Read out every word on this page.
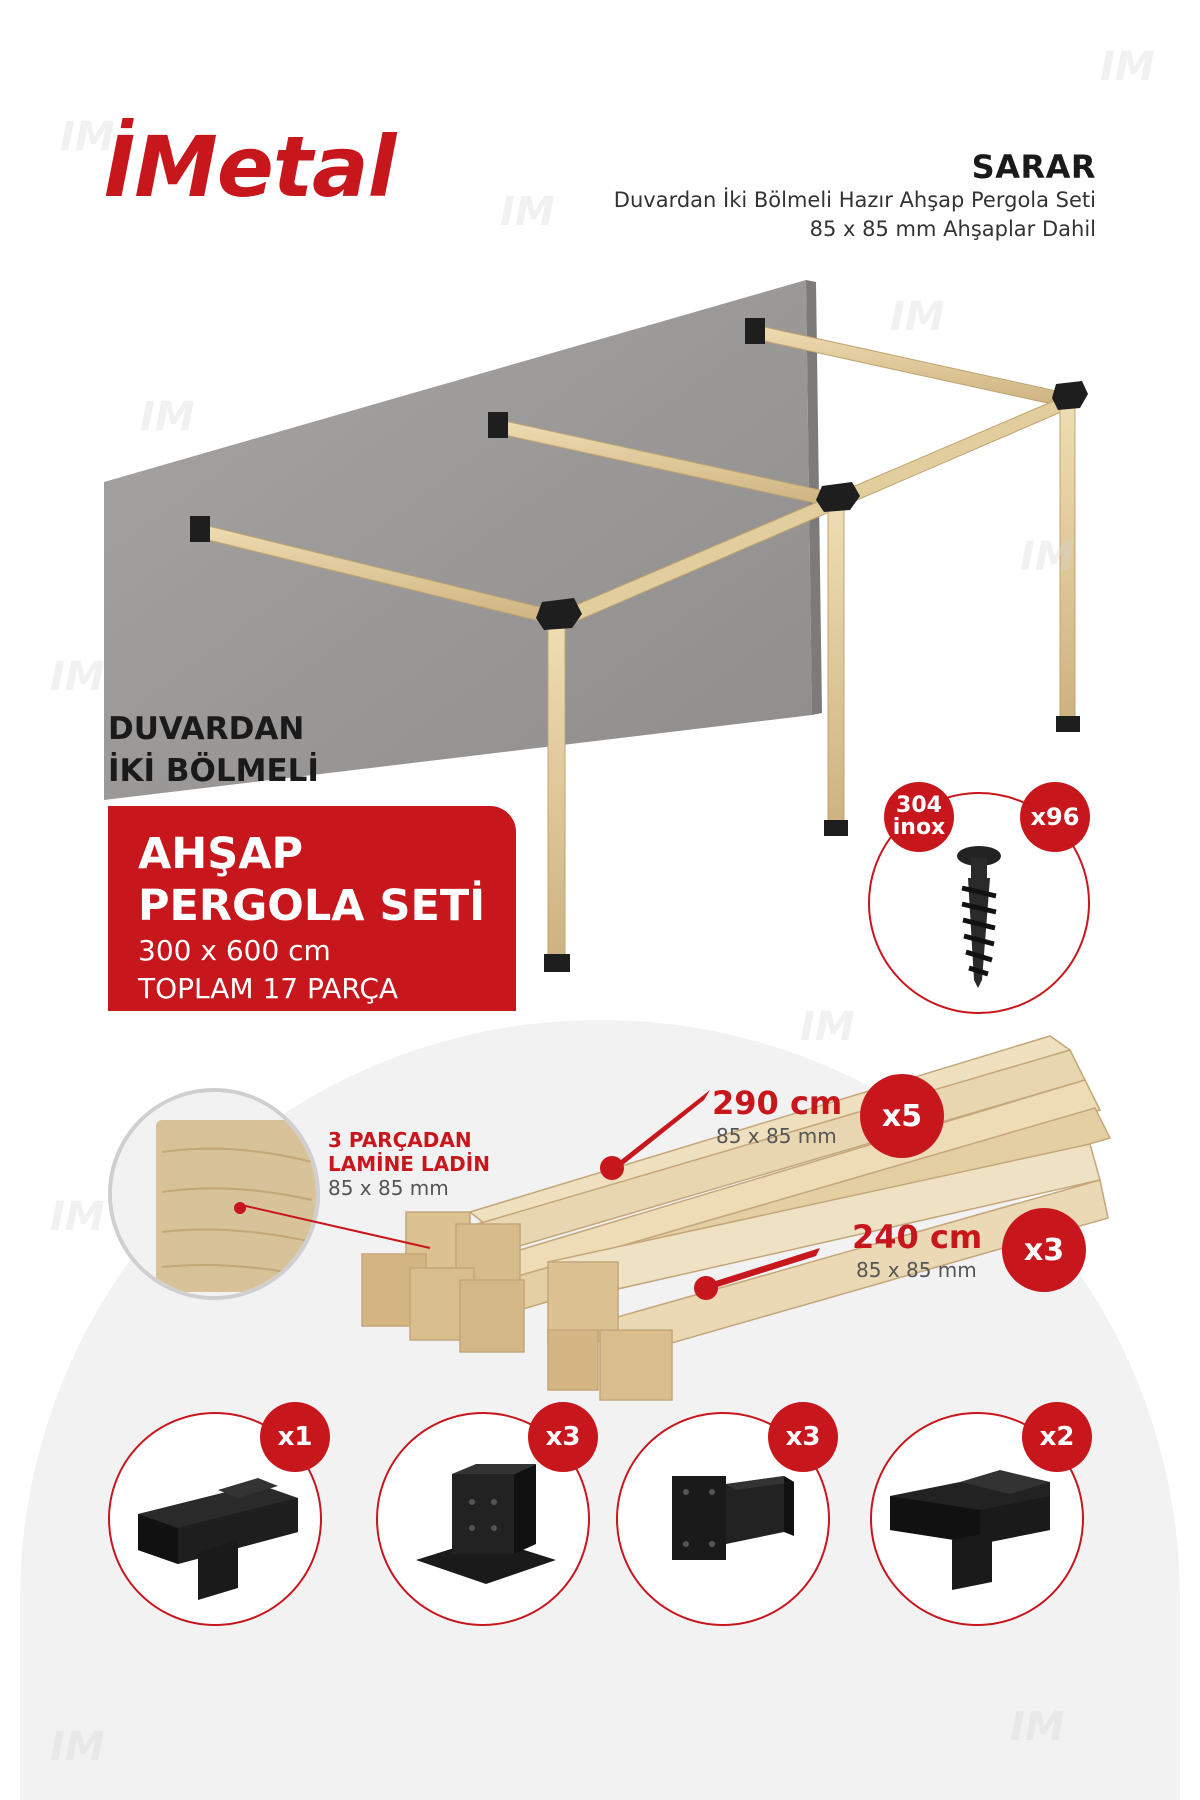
İMetal	SARAR
Duvardan İki Bölmeli Hazır Ahşap Pergola Seti
85 x 85 mm Ahşaplar Dahil
IM
IM
IM
IM
IM
IM
IM
IM
IM
IM	IM
DUVARDAN
İKİ BÖLMELİ
AHŞAP
PERGOLA SETİ
300 x 600 cm
TOPLAM 17 PARÇA
304
inox	x96
3 PARÇADAN
LAMİNE LADİN
85 x 85 mm
290 cm
85 x 85 mm
x5
240 cm
85 x 85 mm
x3
x1	x3	x3	x2
